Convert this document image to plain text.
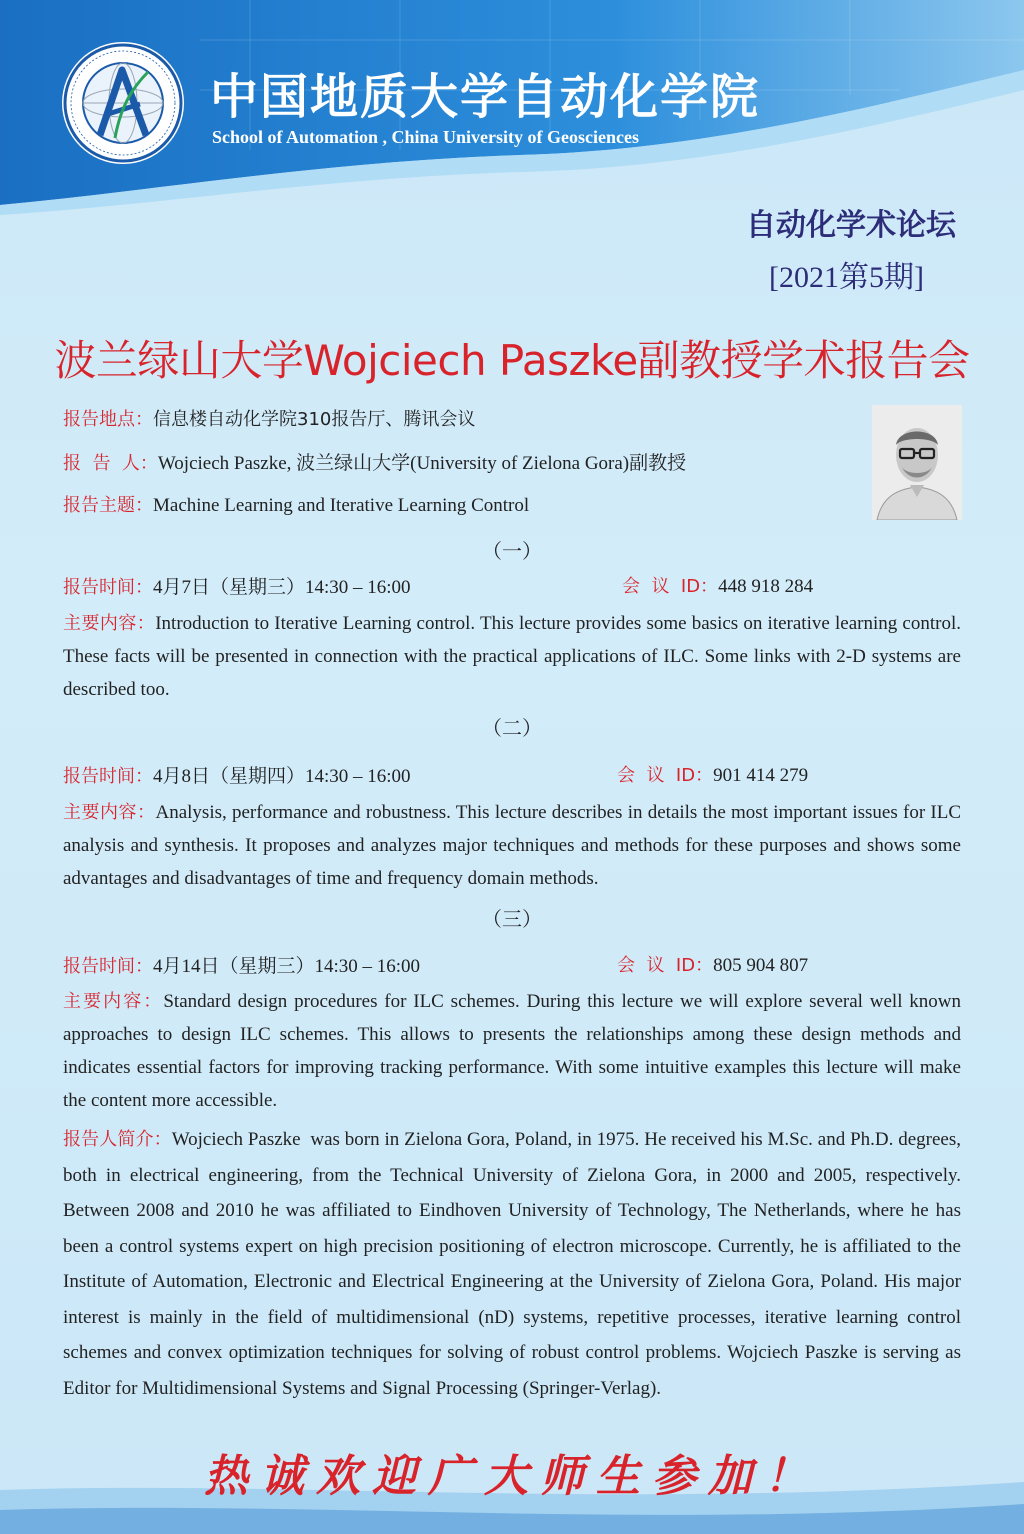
中国地质大学自动化学院
School of Automation , China University of Geosciences
自动化学术论坛
[2021第5期]
波兰绿山大学Wojciech Paszke副教授学术报告会
报告地点：信息楼自动化学院310报告厅、腾讯会议
报  告  人：Wojciech Paszke, 波兰绿山大学(University of Zielona Gora)副教授
报告主题：Machine Learning and Iterative Learning Control
（一）
报告时间：4月7日（星期三）14:30 – 16:00	会  议  ID：448 918 284
主要内容：Introduction to Iterative Learning control. This lecture provides some basics on iterative learning control. These facts will be presented in connection with the practical applications of ILC. Some links with 2-D systems are described too.
（二）
报告时间：4月8日（星期四）14:30 – 16:00	会  议  ID：901 414 279
主要内容：Analysis, performance and robustness. This lecture describes in details the most important issues for ILC analysis and synthesis. It proposes and analyzes major techniques and methods for these purposes and shows some advantages and disadvantages of time and frequency domain methods.
（三）
报告时间：4月14日（星期三）14:30 – 16:00	会  议  ID：805 904 807
主要内容：Standard design procedures for ILC schemes. During this lecture we will explore several well known approaches to design ILC schemes. This allows to presents the relationships among these design methods and indicates essential factors for improving tracking performance. With some intuitive examples this lecture will make the content more accessible.
报告人简介：Wojciech Paszke  was born in Zielona Gora, Poland, in 1975. He received his M.Sc. and Ph.D. degrees, both in electrical engineering, from the Technical University of Zielona Gora, in 2000 and 2005, respectively. Between 2008 and 2010 he was affiliated to Eindhoven University of Technology, The Netherlands, where he has been a control systems expert on high precision positioning of electron microscope. Currently, he is affiliated to the Institute of Automation, Electronic and Electrical Engineering at the University of Zielona Gora, Poland. His major interest is mainly in the field of multidimensional (nD) systems, repetitive processes, iterative learning control schemes and convex optimization techniques for solving of robust control problems. Wojciech Paszke is serving as Editor for Multidimensional Systems and Signal Processing (Springer-Verlag).
热诚欢迎广大师生参加！
